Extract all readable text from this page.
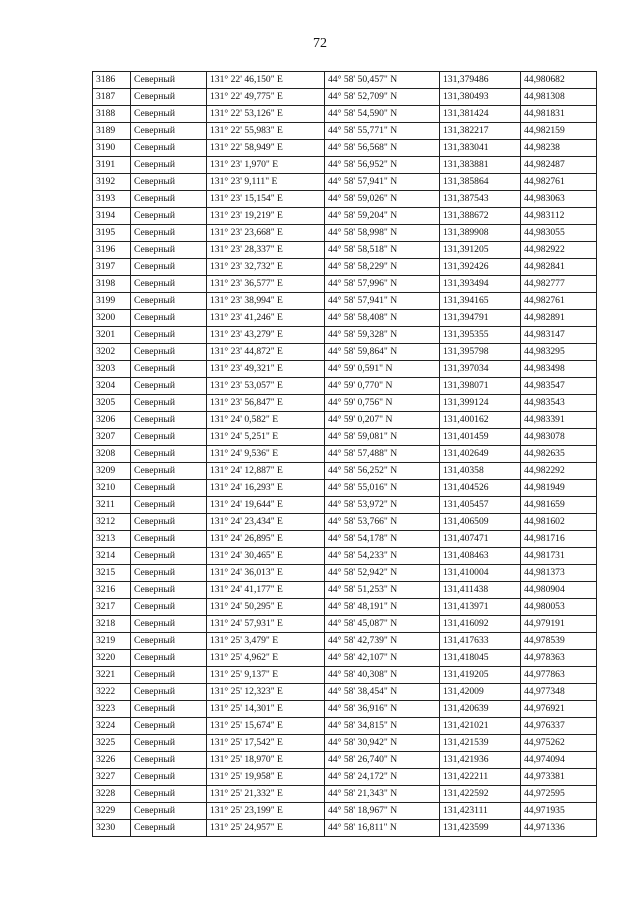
72
3186	Северный	131° 22' 46,150" E	44° 58' 50,457" N	131,379486	44,980682
3187	Северный	131° 22' 49,775" E	44° 58' 52,709" N	131,380493	44,981308
3188	Северный	131° 22' 53,126" E	44° 58' 54,590" N	131,381424	44,981831
3189	Северный	131° 22' 55,983" E	44° 58' 55,771" N	131,382217	44,982159
3190	Северный	131° 22' 58,949" E	44° 58' 56,568" N	131,383041	44,98238
3191	Северный	131° 23' 1,970" E	44° 58' 56,952" N	131,383881	44,982487
3192	Северный	131° 23' 9,111" E	44° 58' 57,941" N	131,385864	44,982761
3193	Северный	131° 23' 15,154" E	44° 58' 59,026" N	131,387543	44,983063
3194	Северный	131° 23' 19,219" E	44° 58' 59,204" N	131,388672	44,983112
3195	Северный	131° 23' 23,668" E	44° 58' 58,998" N	131,389908	44,983055
3196	Северный	131° 23' 28,337" E	44° 58' 58,518" N	131,391205	44,982922
3197	Северный	131° 23' 32,732" E	44° 58' 58,229" N	131,392426	44,982841
3198	Северный	131° 23' 36,577" E	44° 58' 57,996" N	131,393494	44,982777
3199	Северный	131° 23' 38,994" E	44° 58' 57,941" N	131,394165	44,982761
3200	Северный	131° 23' 41,246" E	44° 58' 58,408" N	131,394791	44,982891
3201	Северный	131° 23' 43,279" E	44° 58' 59,328" N	131,395355	44,983147
3202	Северный	131° 23' 44,872" E	44° 58' 59,864" N	131,395798	44,983295
3203	Северный	131° 23' 49,321" E	44° 59' 0,591" N	131,397034	44,983498
3204	Северный	131° 23' 53,057" E	44° 59' 0,770" N	131,398071	44,983547
3205	Северный	131° 23' 56,847" E	44° 59' 0,756" N	131,399124	44,983543
3206	Северный	131° 24' 0,582" E	44° 59' 0,207" N	131,400162	44,983391
3207	Северный	131° 24' 5,251" E	44° 58' 59,081" N	131,401459	44,983078
3208	Северный	131° 24' 9,536" E	44° 58' 57,488" N	131,402649	44,982635
3209	Северный	131° 24' 12,887" E	44° 58' 56,252" N	131,40358	44,982292
3210	Северный	131° 24' 16,293" E	44° 58' 55,016" N	131,404526	44,981949
3211	Северный	131° 24' 19,644" E	44° 58' 53,972" N	131,405457	44,981659
3212	Северный	131° 24' 23,434" E	44° 58' 53,766" N	131,406509	44,981602
3213	Северный	131° 24' 26,895" E	44° 58' 54,178" N	131,407471	44,981716
3214	Северный	131° 24' 30,465" E	44° 58' 54,233" N	131,408463	44,981731
3215	Северный	131° 24' 36,013" E	44° 58' 52,942" N	131,410004	44,981373
3216	Северный	131° 24' 41,177" E	44° 58' 51,253" N	131,411438	44,980904
3217	Северный	131° 24' 50,295" E	44° 58' 48,191" N	131,413971	44,980053
3218	Северный	131° 24' 57,931" E	44° 58' 45,087" N	131,416092	44,979191
3219	Северный	131° 25' 3,479" E	44° 58' 42,739" N	131,417633	44,978539
3220	Северный	131° 25' 4,962" E	44° 58' 42,107" N	131,418045	44,978363
3221	Северный	131° 25' 9,137" E	44° 58' 40,308" N	131,419205	44,977863
3222	Северный	131° 25' 12,323" E	44° 58' 38,454" N	131,42009	44,977348
3223	Северный	131° 25' 14,301" E	44° 58' 36,916" N	131,420639	44,976921
3224	Северный	131° 25' 15,674" E	44° 58' 34,815" N	131,421021	44,976337
3225	Северный	131° 25' 17,542" E	44° 58' 30,942" N	131,421539	44,975262
3226	Северный	131° 25' 18,970" E	44° 58' 26,740" N	131,421936	44,974094
3227	Северный	131° 25' 19,958" E	44° 58' 24,172" N	131,422211	44,973381
3228	Северный	131° 25' 21,332" E	44° 58' 21,343" N	131,422592	44,972595
3229	Северный	131° 25' 23,199" E	44° 58' 18,967" N	131,423111	44,971935
3230	Северный	131° 25' 24,957" E	44° 58' 16,811" N	131,423599	44,971336
